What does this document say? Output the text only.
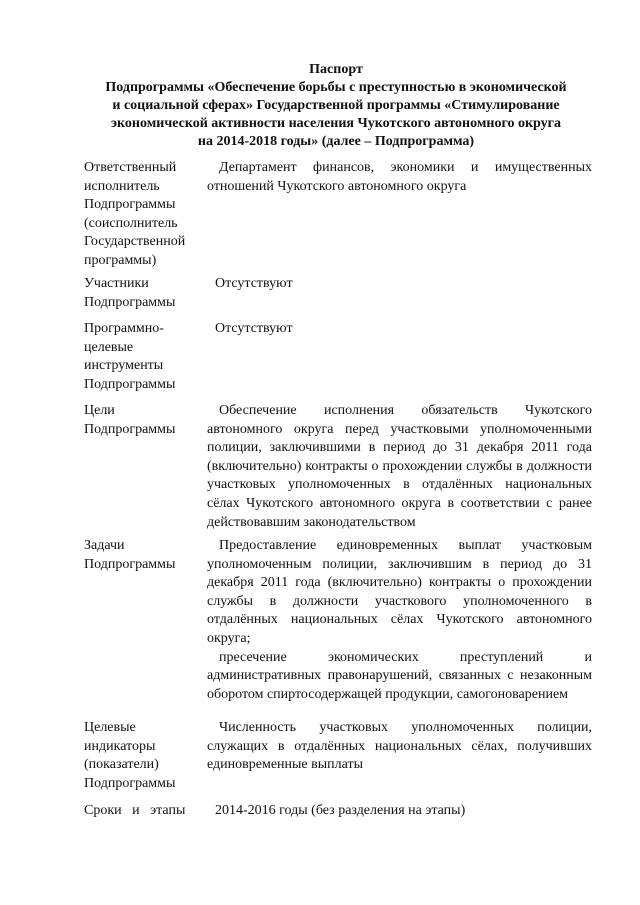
Паспорт
Подпрограммы «Обеспечение борьбы с преступностью в экономической
и социальной сферах» Государственной программы «Стимулирование
экономической активности населения Чукотского автономного округа
на 2014-2018 годы» (далее – Подпрограмма)
Ответственный
исполнитель
Подпрограммы
(соисполнитель
Государственной
программы)
Департамент финансов, экономики и имущественных отношений Чукотского автономного округа
Участники
Подпрограммы
Отсутствуют
Программно-
целевые
инструменты
Подпрограммы
Отсутствуют
Цели
Подпрограммы
Обеспечение исполнения обязательств Чукотского автономного округа перед участковыми уполномоченными полиции, заключившими в период до 31 декабря 2011 года (включительно) контракты о прохождении службы в должности участковых уполномоченных в отдалённых национальных сёлах Чукотского автономного округа в соответствии с ранее действовавшим законодательством
Задачи
Подпрограммы
Предоставление единовременных выплат участковым уполномоченным полиции, заключившим в период до 31 декабря 2011 года (включительно) контракты о прохождении службы в должности участкового уполномоченного в отдалённых национальных сёлах Чукотского автономного округа;
пресечение экономических преступлений и административных правонарушений, связанных с незаконным оборотом спиртосодержащей продукции, самогоноварением
Целевые
индикаторы
(показатели)
Подпрограммы
Численность участковых уполномоченных полиции, служащих в отдалённых национальных сёлах, получивших единовременные выплаты
Сроки   и   этапы	2014-2016 годы (без разделения на этапы)
